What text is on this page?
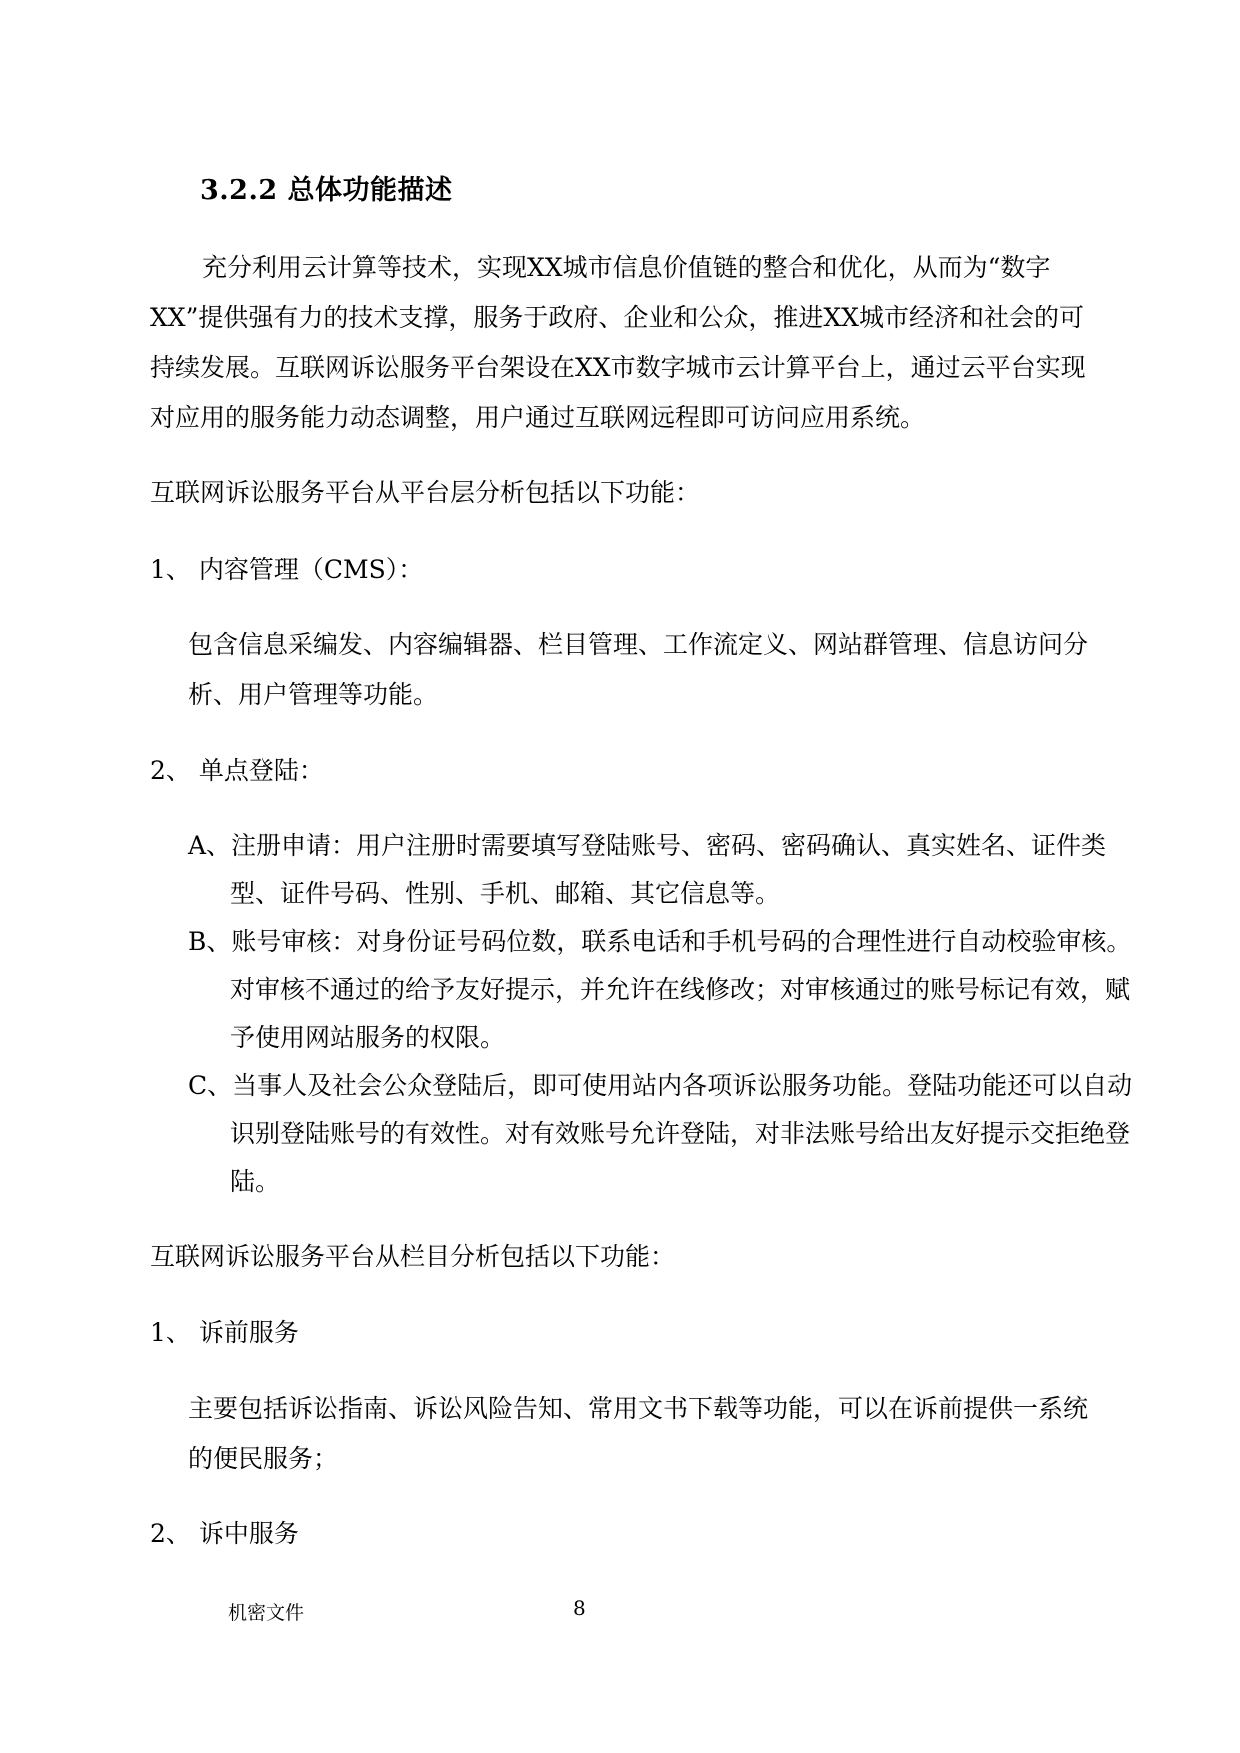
3.2.2 总体功能描述
充分利用云计算等技术，实现XX城市信息价值链的整合和优化，从而为“数字XX”提供强有力的技术支撑，服务于政府、企业和公众，推进XX城市经济和社会的可持续发展。互联网诉讼服务平台架设在XX市数字城市云计算平台上，通过云平台实现对应用的服务能力动态调整，用户通过互联网远程即可访问应用系统。
互联网诉讼服务平台从平台层分析包括以下功能：
1、 内容管理（CMS）：
包含信息采编发、内容编辑器、栏目管理、工作流定义、网站群管理、信息访问分析、用户管理等功能。
2、 单点登陆：
A、注册申请：用户注册时需要填写登陆账号、密码、密码确认、真实姓名、证件类型、证件号码、性别、手机、邮箱、其它信息等。
B、账号审核：对身份证号码位数，联系电话和手机号码的合理性进行自动校验审核。对审核不通过的给予友好提示，并允许在线修改；对审核通过的账号标记有效，赋予使用网站服务的权限。
C、当事人及社会公众登陆后，即可使用站内各项诉讼服务功能。登陆功能还可以自动识别登陆账号的有效性。对有效账号允许登陆，对非法账号给出友好提示交拒绝登陆。
互联网诉讼服务平台从栏目分析包括以下功能：
1、 诉前服务
主要包括诉讼指南、诉讼风险告知、常用文书下载等功能，可以在诉前提供一系统的便民服务；
2、 诉中服务
机密文件	8
